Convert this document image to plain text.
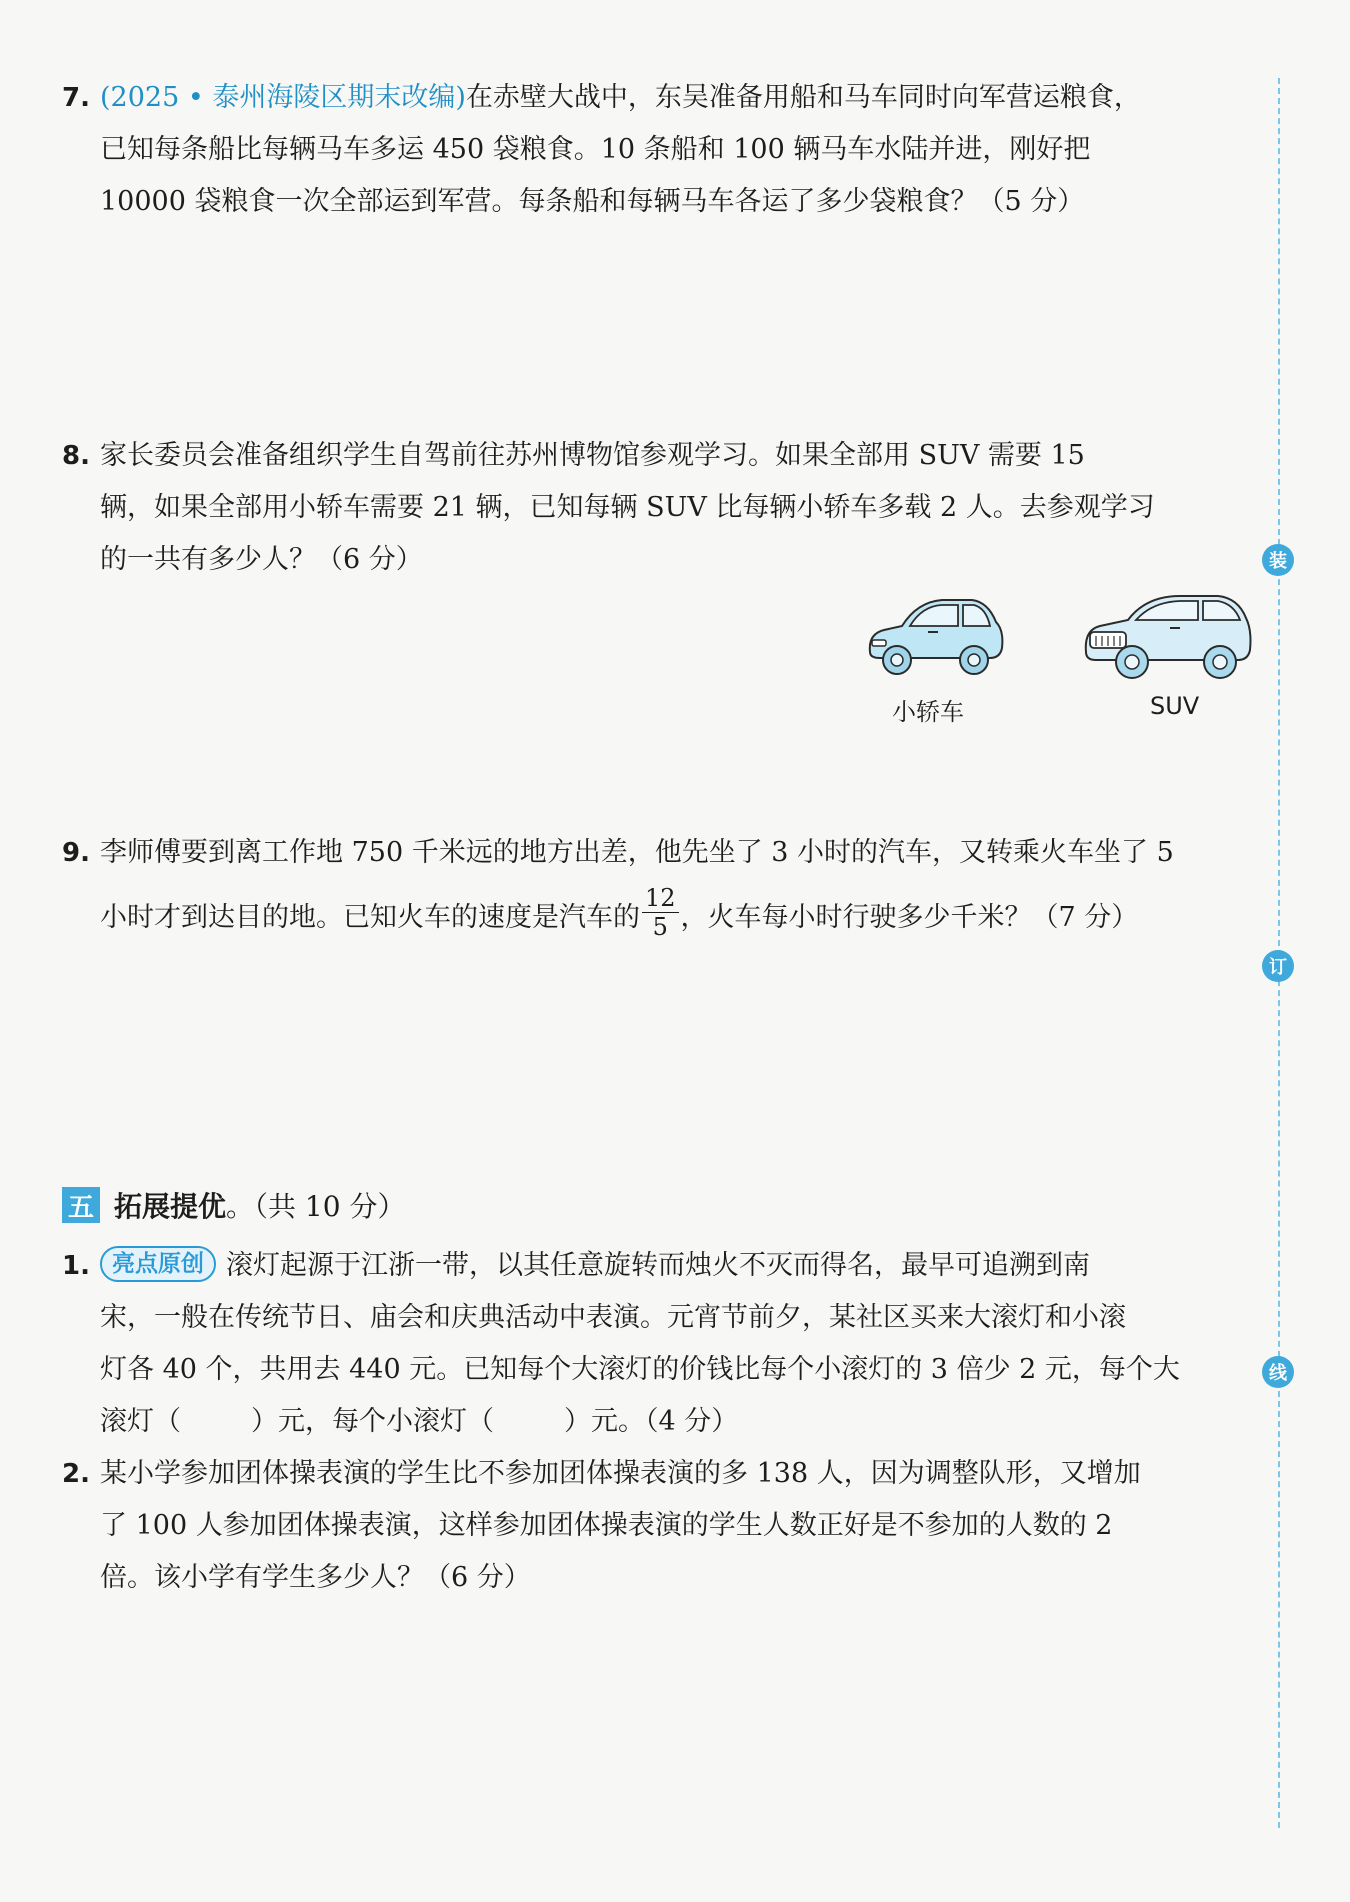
7. (2025 • 泰州海陵区期末改编)在赤壁大战中，东吴准备用船和马车同时向军营运粮食，
已知每条船比每辆马车多运 450 袋粮食。10 条船和 100 辆马车水陆并进，刚好把
10000 袋粮食一次全部运到军营。每条船和每辆马车各运了多少袋粮食？（5 分）
8. 家长委员会准备组织学生自驾前往苏州博物馆参观学习。如果全部用 SUV 需要 15
辆，如果全部用小轿车需要 21 辆，已知每辆 SUV 比每辆小轿车多载 2 人。去参观学习
的一共有多少人？（6 分）
小轿车	SUV
9. 李师傅要到离工作地 750 千米远的地方出差，他先坐了 3 小时的汽车，又转乘火车坐了 5
小时才到达目的地。已知火车的速度是汽车的 $\frac{12}{5}$ ，火车每小时行驶多少千米？（7 分）
五 拓展提优 。（共 10 分）
1. 亮点原创 滚灯起源于江浙一带，以其任意旋转而烛火不灭而得名，最早可追溯到南
宋，一般在传统节日、庙会和庆典活动中表演。元宵节前夕，某社区买来大滚灯和小滚
灯各 40 个，共用去 440 元。已知每个大滚灯的价钱比每个小滚灯的 3 倍少 2 元，每个大
滚灯（	）元，每个小滚灯（	）元。（4 分）
2. 某小学参加团体操表演的学生比不参加团体操表演的多 138 人，因为调整队形，又增加
了 100 人参加团体操表演，这样参加团体操表演的学生人数正好是不参加的人数的 2
倍。该小学有学生多少人？（6 分）
装
订
线
